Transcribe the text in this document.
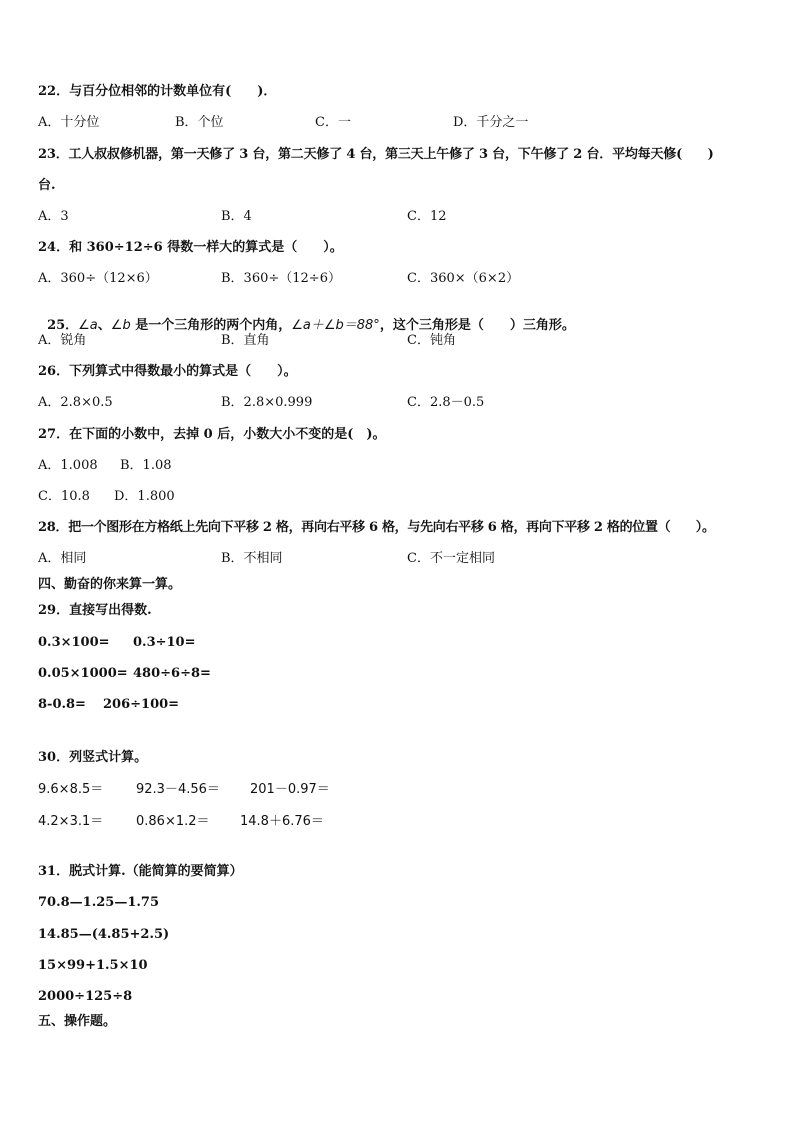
22．与百分位相邻的计数单位有(　　)．
A．十分位	B．个位	C．一	D．千分之一
23．工人叔叔修机器，第一天修了 3 台，第二天修了 4 台，第三天上午修了 3 台，下午修了 2 台．平均每天修(　　)
台.
A．3	B．4	C．12
24．和 360÷12÷6 得数一样大的算式是（　　）。
A．360÷（12×6）	B．360÷（12÷6）	C．360×（6×2）

25．∠a、∠b 是一个三角形的两个内角，∠a＋∠b＝88°，这个三角形是（　　）三角形。

A．锐角	B．直角	C．钝角
26．下列算式中得数最小的算式是（　　）。
A．2.8×0.5	B．2.8×0.999	C．2.8－0.5
27．在下面的小数中，去掉 0 后，小数大小不变的是(　)。
A．1.008 B．1.08
C．10.8 D．1.800
28．把一个图形在方格纸上先向下平移 2 格，再向右平移 6 格，与先向右平移 6 格，再向下平移 2 格的位置（　　）。
A．相同	B．不相同	C．不一定相同
四、勤奋的你来算一算。
29．直接写出得数.
0.3×100= 0.3÷10=
0.05×1000= 480÷6÷8=
8-0.8= 206÷100=
30．列竖式计算。
9.6×8.5＝	92.3－4.56＝ 201－0.97＝
4.2×3.1＝	0.86×1.2＝ 14.8＋6.76＝
31．脱式计算.（能简算的要简算）
70.8—1.25—1.75
14.85—(4.85+2.5)
15×99+1.5×10
2000÷125÷8
五、操作题。
